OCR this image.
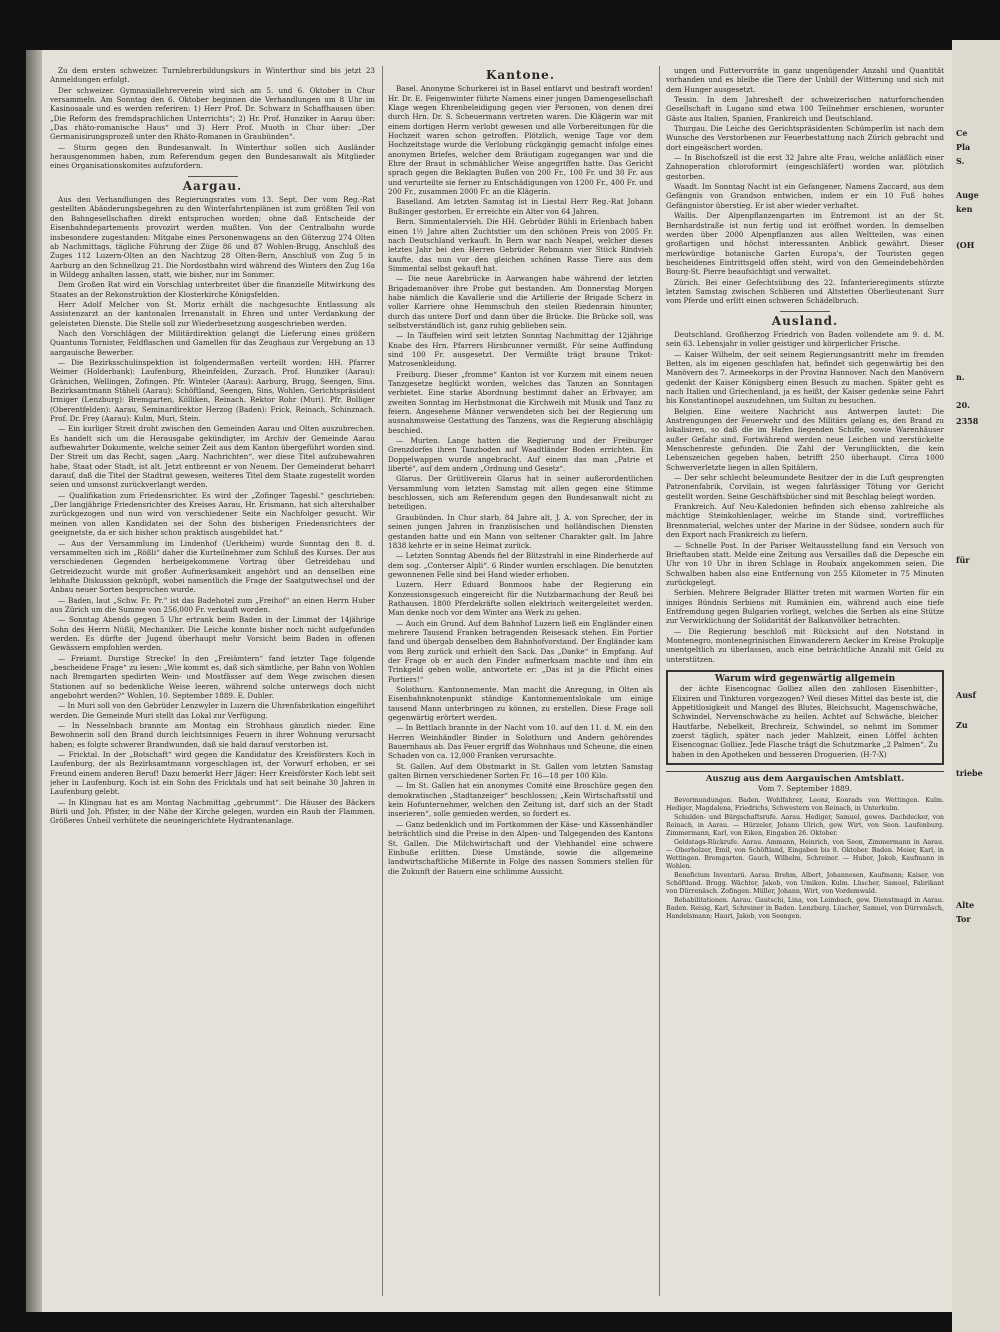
Zu dem ersten schweizer. Turnlehrerbildungskurs in Winterthur sind bis jetzt 23 Anmeldungen erfolgt.

Der schweizer. Gymnasiallehrerverein wird sich am 5. und 6. Oktober in Chur versammeln. Am Sonntag den 6. Oktober beginnen die Verhandlungen um 8 Uhr im Kasinosaale und es werden referiren: 1) Herr Prof. Dr. Schwarz in Schaffhausen über: „Die Reform des fremdsprachlichen Unterrichts“; 2) Hr. Prof. Hunziker in Aarau über: „Das rhäto-romanische Haus“ und 3) Herr Prof. Muoth in Chur über: „Der Germanisirungsprozeß unter den Rhäto-Romanen in Graubünden“.

— Sturm gegen den Bundesanwalt. In Winterthur sollen sich Ausländer herausgenommen haben, zum Referendum gegen den Bundesanwalt als Mitglieder eines Organisationskomites aufzufordern.

Aargau.

Aus den Verhandlungen des Regierungsrates vom 13. Sept. Der vom Reg.-Rat gestellten Abänderungsbegehren zu den Winterfahrtenplänen ist zum größten Teil von den Bahngesellschaften direkt entsprochen worden; ohne daß Entscheide der Eisenbahndepartements provozirt werden mußten. Von der Centralbahn wurde insbesondere zugestanden: Mitgabe eines Personenwagens an den Güterzug 274 Olten ab Nachmittags, tägliche Führung der Züge 86 und 87 Wohlen-Brugg, Anschluß des Zuges 112 Luzern-Olten an den Nachtzug 28 Olten-Bern, Anschluß von Zug 5 in Aarburg an den Schnellzug 21. Die Nordostbahn wird während des Winters den Zug 16a in Wildegg anhalten lassen, statt, wie bisher, nur im Sommer.

Dem Großen Rat wird ein Vorschlag unterbreitet über die finanzielle Mitwirkung des Staates an der Rekonstruktion der Klosterkirche Königsfelden.

Herr Adolf Melcher von St. Moriz erhält die nachgesuchte Entlassung als Assistenzarzt an der kantonalen Irrenanstalt in Ehren und unter Verdankung der geleisteten Dienste. Die Stelle soll zur Wiederbesetzung ausgeschrieben werden.

Nach den Vorschlägen der Militärdirektion gelangt die Lieferung eines größern Quantums Tornister, Feldflaschen und Gamellen für das Zeughaus zur Vergebung an 13 aargauische Bewerber.

— Die Bezirksschulinspektion ist folgendermaßen verteilt worden: HH. Pfarrer Weimer (Holderbank): Laufenburg, Rheinfelden, Zurzach. Prof. Hunziker (Aarau): Gränichen, Wellingen, Zofingen. Pfr. Winteler (Aarau): Aarburg, Brugg, Seengen, Sins. Bezirksamtmann Stäheli (Aarau): Schöftland, Seengen, Sins, Wohlen. Gerichtspräsident Irmiger (Lenzburg): Bremgarten, Kölliken, Reinach. Rektor Rohr (Muri). Pfr. Bolliger (Oberentfelden): Aarau, Seminardirektor Herzog (Baden): Frick, Reinach, Schinznach. Prof. Dr. Frey (Aarau): Kulm, Muri, Stein.

— Ein kurliger Streit droht zwischen den Gemeinden Aarau und Olten auszubrechen. Es handelt sich um die Herausgabe gekündigter, im Archiv der Gemeinde Aarau aufbewahrter Dokumente, welche seiner Zeit aus dem Kanton übergeführt worden sind. Der Streit um das Recht, sagen „Aarg. Nachrichten“, wer diese Titel aufzubewahren habe, Staat oder Stadt, ist alt. Jetzt entbrennt er von Neuem. Der Gemeinderat beharrt darauf, daß die Titel der Stadtrat gewesen, weiteres Titel dem Staate zugestellt worden seien und umsonst zurückverlangt werden.

— Qualifikation zum Friedensrichter. Es wird der „Zofinger Tagesbl.“ geschrieben: „Der langjährige Friedensrichter des Kreises Aarau, Hr. Erismann, hat sich altershalber zurückgezogen und nun wird von verschiedener Seite ein Nachfolger gesucht. Wir meinen von allen Kandidaten sei der Sohn des bisherigen Friedensrichters der geeignetste, da er sich bisher schon praktisch ausgebildet hat.“

— Aus der Versammlung im Lindenhof (Uerkheim) wurde Sonntag den 8. d. versammelten sich im „Rößli“ daher die Kurteilnehmer zum Schluß des Kurses. Der aus verschiedenen Gegenden herbeigekommene Vortrag über Getreidebau und Getreidezucht wurde mit großer Aufmerksamkeit angehört und an denselben eine lebhafte Diskussion geknüpft, wobei namentlich die Frage der Saatgutwechsel und der Anbau neuer Sorten besprochen wurde.

— Baden, laut „Schw. Fr. Pr.“ ist das Badehotel zum „Freihof“ an einen Herrn Huber aus Zürich um die Summe von 256,000 Fr. verkauft worden.

— Sonntag Abends gegen 5 Uhr ertrank beim Baden in der Limmat der 14jährige Sohn des Herrn Nüßli, Mechaniker. Die Leiche konnte bisher noch nicht aufgefunden werden. Es dürfte der Jugend überhaupt mehr Vorsicht beim Baden in offenen Gewässern empfohlen werden.

— Freiamt. Durstige Strecke! In den „Freiämtern“ fand letzter Tage folgende „bescheidene Frage“ zu lesen: „Wie kommt es, daß sich sämtliche, per Bahn von Wohlen nach Bremgarten spedirten Wein- und Mostfässer auf dem Wege zwischen diesen Stationen auf so bedenkliche Weise leeren, während solche unterwegs doch nicht angebohrt werden?“ Wohlen, 10. September 1889. E. Dubler.

— In Muri soll von den Gebrüder Lenzwyler in Luzern die Uhrenfabrikation eingeführt werden. Die Gemeinde Muri stellt das Lokal zur Verfügung.

— In Nesselnbach brannte am Montag ein Strohhaus gänzlich nieder. Eine Bewohnerin soll den Brand durch leichtsinniges Feuern in ihrer Wohnung verursacht haben; es folgte schwerer Brandwunden, daß sie bald darauf verstorben ist.

— Fricktal. In der „Botschaft“ wird gegen die Kandidatur des Kreisförsters Koch in Laufenburg, der als Bezirksamtmann vorgeschlagen ist, der Vorwurf erhoben, er sei Freund einem anderen Beruf! Dazu bemerkt Herr Jäger: Herr Kreisförster Koch lebt seit jeher in Laufenburg. Koch ist ein Sohn des Fricktals und hat seit beinahe 30 Jahren in Laufenburg gelebt.

— In Klingnau hat es am Montag Nachmittag „gebrummt“. Die Häuser des Bäckers Bürli und Joh. Pfister, in der Nähe der Kirche gelegen, wurden ein Raub der Flammen. Größeres Unheil verhütete die neueingerichtete Hydrantenanlage.

Kantone.

Basel. Anonyme Schurkerei ist in Basel entlarvt und bestraft worden! Hr. Dr. E. Feigenwinter führte Namens einer jungen Damengesellschaft Klage wegen Ehrenbeleidigung gegen vier Personen, von denen drei durch Hrn. Dr. S. Scheuermann vertreten waren. Die Klägerin war mit einem dortigen Herrn verlobt gewesen und alle Vorbereitungen für die Hochzeit waren schon getroffen. Plötzlich, wenige Tage vor dem Hochzeitstage wurde die Verlobung rückgängig gemacht infolge eines anonymen Briefes, welcher dem Bräutigam zugegangen war und die Ehre der Braut in schmählicher Weise angegriffen hatte. Das Gericht sprach gegen die Beklagten Bußen von 200 Fr., 100 Fr. und 30 Fr. aus und verurteilte sie ferner zu Entschädigungen von 1200 Fr., 400 Fr. und 200 Fr., zusammen 2000 Fr. an die Klägerin.

Baselland. Am letzten Samstag ist in Liestal Herr Reg.-Rat Johann Bußinger gestorben. Er erreichte ein Alter von 64 Jahren.

Bern. Simmentalervieh. Die HH. Gebrüder Bühli in Erlenbach haben einen 1½ Jahre alten Zuchtstier um den schönen Preis von 2005 Fr. nach Deutschland verkauft. In Bern war nach Neapel, welcher dieses letztes Jahr bei den Herren Gebrüder Rebmann vier Stück Rindvieh kaufte, das nun vor den gleichen schönen Rasse Tiere aus dem Simmental selbst gekauft hat.

— Die neue Aarebrücke in Aarwangen habe während der letzten Brigademanöver ihre Probe gut bestanden. Am Donnerstag Morgen habe nämlich die Kavallerie und die Artillerie der Brigade Scherz in voller Karriere ohne Hemmschuh den steilen Riedenrain hinunter, durch das untere Dorf und dann über die Brücke. Die Brücke soll, was selbstverständlich ist, ganz ruhig geblieben sein.

— In Täuffelen wird seit letzten Sonntag Nachmittag der 12jährige Knabe des Hrn. Pfarrers Hirsbrunner vermißt. Für seine Auffindung sind 100 Fr. ausgesetzt. Der Vermißte trägt braune Trikot-Matrosenkleidung.

Freiburg. Dieser „fromme“ Kanton ist vor Kurzem mit einem neuen Tanzgesetze beglückt worden, welches das Tanzen an Sonntagen verbietet. Eine starke Abordnung bestimmt daher an Erbvayer, am zweiten Sonntag im Herbstmonat die Kirchweih mit Musik und Tanz zu feiern. Angesehene Männer verwendeten sich bei der Regierung um ausnahmsweise Gestattung des Tanzens, was die Regierung abschlägig beschied.

— Murten. Lange hatten die Regierung und der Freiburger Grenzdorfes ihren Tanzboden auf Waadtländer Boden errichten. Ein Doppelwappen wurde angebracht. Auf einem das man „Patrie et liberté“, auf dem andern „Ordnung und Gesetz“.

Glarus. Der Grütliverein Glarus hat in seiner außerordentlichen Versammlung vom letzten Samstag mit allen gegen eine Stimme beschlossen, sich am Referendum gegen den Bundesanwalt nicht zu beteiligen.

Graubünden. In Chur starb, 84 Jahre alt, J. A. von Sprecher, der in seinen jungen Jahren in französischen und holländischen Diensten gestanden hatte und ein Mann von seltener Charakter galt. Im Jahre 1838 kehrte er in seine Heimat zurück.

— Letzten Sonntag Abends fiel der Blitzstrahl in eine Rinderherde auf dem sog. „Conterser Alpli“. 6 Rinder wurden erschlagen. Die benutzten gewonnenen Felle sind bei Hand wieder erhoben.

Luzern. Herr Eduard Bonmoos habe der Regierung ein Konzessionsgesuch eingereicht für die Nutzbarmachung der Reuß bei Rathausen. 1800 Pferdekräfte sollen elektrisch weitergeleitet werden. Man denke noch vor dem Winter ans Werk zu gehen.

— Auch ein Grund. Auf dem Bahnhof Luzern ließ ein Engländer einen mehrere Tausend Franken betragenden Reisesack stehen. Ein Portier fand und übergab denselben dem Bahnhofvorstand. Der Engländer kam vom Berg zurück und erhielt den Sack. Das „Danke“ in Empfang. Auf der Frage ob er auch den Finder aufmerksam machte und ihm ein Trinkgeld geben wolle, antwortete er: „Das ist ja die Pflicht eines Portiers!“

Solothurn. Kantonnemente. Man macht die Anregung, in Olten als Eisenbahnknotenpunkt ständige Kantonnementslokale um einige tausend Mann unterbringen zu können, zu erstellen. Diese Frage soll gegenwärtig erörtert werden.

— In Bettlach brannte in der Nacht vom 10. auf den 11. d. M. ein den Herren Weinhändler Binder in Solothurn und Andern gehörendes Bauernhaus ab. Das Feuer ergriff das Wohnhaus und Scheune, die einen Schaden von ca. 12,000 Franken verursachte.

St. Gallen. Auf dem Obstmarkt in St. Gallen vom letzten Samstag galten Birnen verschiedener Sorten Fr. 16—18 per 100 Kilo.

— Im St. Gallen hat ein anonymes Comité eine Broschüre gegen den demokratischen „Stadtanzeiger“ beschlossen; „Kein Wirtschaftsstil und kein Hofunternehmer, welchen den Zeitung ist, darf sich an der Stadt inserieren“, solle gemieden werden, so fordert es.

— Ganz bedenklich und im Fortkommen der Käse- und Kässenhändler beträchtlich sind die Preise in den Alpen- und Talgegenden des Kantons St. Gallen. Die Milchwirtschaft und der Viehhandel eine schwere Einbuße erlitten. Diese Umstände, sowie die allgemeine landwirtschaftliche Mißernte in Folge des nassen Sommers stellen für die Zukunft der Bauern eine schlimme Aussicht.

ungen und Futtervorräte in ganz ungenügender Anzahl und Quantität vorhanden und es bleibe die Tiere der Unbill der Witterung und sich mit dem Hunger ausgesetzt.

Tessin. In dem Jahresheft der schweizerischen naturforschenden Gesellschaft in Lugano sind etwa 100 Teilnehmer erschienen, worunter Gäste aus Italien, Spanien, Frankreich und Deutschland.

Thurgau. Die Leiche des Gerichtspräsidenten Schümperlin ist nach dem Wunsche des Verstorbenen zur Feuerbestattung nach Zürich gebracht und dort eingeäschert worden.

— In Bischofszell ist die erst 32 Jahre alte Frau, welche anläßlich einer Zahnoperation chloroformirt (eingeschläfert) worden war, plötzlich gestorben.

Waadt. Im Sonntag Nacht ist ein Gefangener, Namens Zaccard, aus dem Gefängnis von Grandson entwichen, indem er ein 10 Fuß hohes Gefängnistor überstieg. Er ist aber wieder verhaftet.

Wallis. Der Alpenpflanzengarten im Entremont ist an der St. Bernhardstraße ist nun fertig und ist eröffnet worden. In demselben werden über 2000 Alpenpflanzen aus allen Weltteilen, was einen großartigen und höchst interessanten Anblick gewährt. Dieser merkwürdige botanische Garten Europa's, der Touristen gegen bescheidenes Eintrittsgeld offen steht, wird von den Gemeindebehörden Bourg-St. Pierre beaufsichtigt und verwaltet.

Zürich. Bei einer Gefechtsübung des 22. Infanterieregiments stürzte letzten Samstag zwischen Schlieren und Altstetten Oberlieutenant Surr vom Pferde und erlitt einen schweren Schädelbruch.

Ausland.

Deutschland. Großherzog Friedrich von Baden vollendete am 9. d. M. sein 63. Lebensjahr in voller geistiger und körperlicher Frische.

— Kaiser Wilhelm, der seit seinem Regierungsantritt mehr im fremden Betten, als im eigenen geschlafen hat, befindet sich gegenwärtig bei den Manövern des 7. Armeekorps in der Provinz Hannover. Nach den Manövern gedenkt der Kaiser Königsberg einen Besuch zu machen. Später geht es nach Italien und Griechenland, ja es heißt, der Kaiser gedenke seine Fahrt bis Konstantinopel auszudehnen, um Sultan zu besuchen.

Belgien. Eine weitere Nachricht aus Antwerpen lautet: Die Anstrengungen der Feuerwehr und des Militärs gelang es, den Brand zu lokalisiren, so daß die im Hafen liegenden Schiffe, sowie Warenhäuser außer Gefahr sind. Fortwährend werden neue Leichen und zerstückelte Menschenreste gefunden. Die Zahl der Verunglückten, die kein Lebenszeichen gegeben haben, betrifft 250 überhaupt. Circa 1000 Schwerverletzte liegen in allen Spitälern.

— Der sehr schlecht beleumundete Besitzer der in die Luft gesprengten Patronenfabrik, Corvilain, ist wegen fahrlässiger Tötung vor Gericht gestellt worden. Seine Geschäftsbücher sind mit Beschlag belegt worden.

Frankreich. Auf Neu-Kaledonien befinden sich ebenso zahlreiche als mächtige Steinkohlenlager, welche im Stande sind, vortreffliches Brennmaterial, welches unter der Marine in der Südsee, sondern auch für den Export nach Frankreich zu liefern.

— Schnelle Post. In der Pariser Weltausstellung fand ein Versuch von Brieftauben statt. Melde eine Zeitung aus Versailles daß die Depesche ein Uhr von 10 Uhr in ihren Schlage in Roubaix angekommen seien. Die Schwalben haben also eine Entfernung von 255 Kilometer in 75 Minuten zurückgelegt.

Serbien. Mehrere Belgrader Blätter treten mit warmen Worten für ein inniges Bündnis Serbiens mit Rumänien ein, während auch eine tiefe Entfremdung gegen Bulgarien vorliegt, welches die Serben als eine Stütze zur Verwirklichung der Solidarität der Balkanvölker betrachten.

— Die Regierung beschloß mit Rücksicht auf den Notstand in Montenegro, montenegrinischen Einwanderern Aecker im Kreise Prokuplje unentgeltlich zu überlassen, auch eine beträchtliche Anzahl mit Geld zu unterstützen.

Warum wird gegenwärtig allgemein

der ächte Eisencognac Golliez allen den zahllosen Eisenbitter-, Elixiren und Tinkturen vorgezogen? Weil dieses Mittel das beste ist, die Appetitlosigkeit und Mangel des Blutes, Bleichsucht, Magenschwäche, Schwindel, Nervenschwäche zu heilen. Achtet auf Schwäche, bleicher Hautfarbe, Nebelkeit, Brechreiz, Schwindel, so nehmt im Sommer zuerst täglich, später nach jeder Mahlzeit, einen Löffel ächten Eisencognac Golliez. Jede Flasche trägt die Schutzmarke „2 Palmen“. Zu haben in den Apotheken und besseren Droguerien. (H-7-X)

Auszug aus dem Aargauischen Amtsblatt.
Vom 7. September 1889.

Bevormundungen. Baden. Wohlfahrer, Leonz, Konrads von Wettingen. Kulm. Hediger, Magdalena, Friedrichs, Schwestern von Reinach, in Unterkulm.

Schulden- und Bürgschaftsrufe. Aarau. Hediger, Samuel, gewes. Dachdecker, von Reinach, in Aarau. — Hürzeler, Johann Ulrich, gew. Wirt, von Seon. Laufenburg. Zimmermann, Karl, von Eiken, Eingaben 26. Oktober.

Geldstags-Rückrufe. Aarau. Ammann, Heinrich, von Seon, Zimmermann in Aarau. — Oberholzer, Emil, von Schöftland, Eingaben bis 8. Oktober. Baden. Meier, Karl, in Wettingen. Bremgarten. Gauch, Wilhelm, Schreiner. — Huber, Jakob, Kaufmann in Wohlen.

Beneficium Inventarii. Aarau. Brehm, Albert, Johannesen, Kaufmann; Kaiser, von Schöftland. Brugg. Wächter, Jakob, von Umiken. Kulm. Lüscher, Samuel, Fabrikant von Dürrenäsch. Zofingen. Müller, Johann, Wirt, von Vordemwald.

Rehabilitationen. Aarau. Gautschi, Lina, von Leimbach, gew. Dienstmagd in Aarau. Baden. Reisig, Karl, Schreiner in Baden. Lenzburg. Lüscher, Samuel, von Dürrenäsch, Handelsmann; Hauri, Jakob, von Seengen.

Ce
Pla
S.
Auge
ken
(OH
n.
20.
2358
für
Ausf
Zu
triebe
Alte
Tor
